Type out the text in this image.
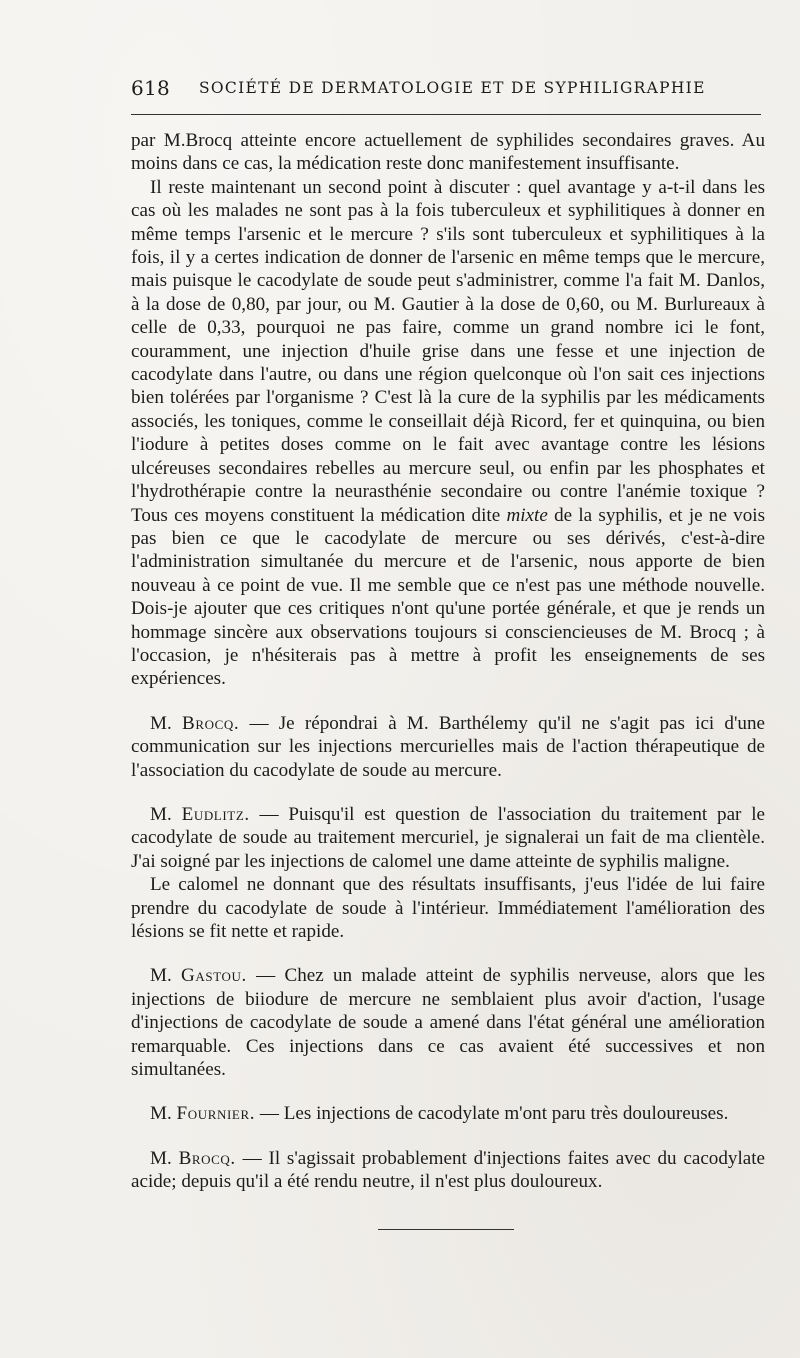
618 SOCIÉTÉ DE DERMATOLOGIE ET DE SYPHILIGRAPHIE

par M.Brocq atteinte encore actuellement de syphilides secondaires graves. Au moins dans ce cas, la médication reste donc manifestement insuffisante.

Il reste maintenant un second point à discuter : quel avantage y a-t-il dans les cas où les malades ne sont pas à la fois tuberculeux et syphilitiques à donner en même temps l'arsenic et le mercure ? s'ils sont tuberculeux et syphilitiques à la fois, il y a certes indication de donner de l'arsenic en même temps que le mercure, mais puisque le cacodylate de soude peut s'administrer, comme l'a fait M. Danlos, à la dose de 0,80, par jour, ou M. Gautier à la dose de 0,60, ou M. Burlureaux à celle de 0,33, pourquoi ne pas faire, comme un grand nombre ici le font, couramment, une injection d'huile grise dans une fesse et une injection de cacodylate dans l'autre, ou dans une région quelconque où l'on sait ces injections bien tolérées par l'organisme ? C'est là la cure de la syphilis par les médicaments associés, les toniques, comme le conseillait déjà Ricord, fer et quinquina, ou bien l'iodure à petites doses comme on le fait avec avantage contre les lésions ulcéreuses secondaires rebelles au mercure seul, ou enfin par les phosphates et l'hydrothérapie contre la neurasthénie secondaire ou contre l'anémie toxique ? Tous ces moyens constituent la médication dite mixte de la syphilis, et je ne vois pas bien ce que le cacodylate de mercure ou ses dérivés, c'est-à-dire l'administration simultanée du mercure et de l'arsenic, nous apporte de bien nouveau à ce point de vue. Il me semble que ce n'est pas une méthode nouvelle. Dois-je ajouter que ces critiques n'ont qu'une portée générale, et que je rends un hommage sincère aux observations toujours si consciencieuses de M. Brocq ; à l'occasion, je n'hésiterais pas à mettre à profit les enseignements de ses expériences.

M. Brocq. — Je répondrai à M. Barthélemy qu'il ne s'agit pas ici d'une communication sur les injections mercurielles mais de l'action thérapeutique de l'association du cacodylate de soude au mercure.

M. Eudlitz. — Puisqu'il est question de l'association du traitement par le cacodylate de soude au traitement mercuriel, je signalerai un fait de ma clientèle. J'ai soigné par les injections de calomel une dame atteinte de syphilis maligne.

Le calomel ne donnant que des résultats insuffisants, j'eus l'idée de lui faire prendre du cacodylate de soude à l'intérieur. Immédiatement l'amélioration des lésions se fit nette et rapide.

M. Gastou. — Chez un malade atteint de syphilis nerveuse, alors que les injections de biiodure de mercure ne semblaient plus avoir d'action, l'usage d'injections de cacodylate de soude a amené dans l'état général une amélioration remarquable. Ces injections dans ce cas avaient été successives et non simultanées.

M. Fournier. — Les injections de cacodylate m'ont paru très douloureuses.

M. Brocq. — Il s'agissait probablement d'injections faites avec du cacodylate acide; depuis qu'il a été rendu neutre, il n'est plus douloureux.
